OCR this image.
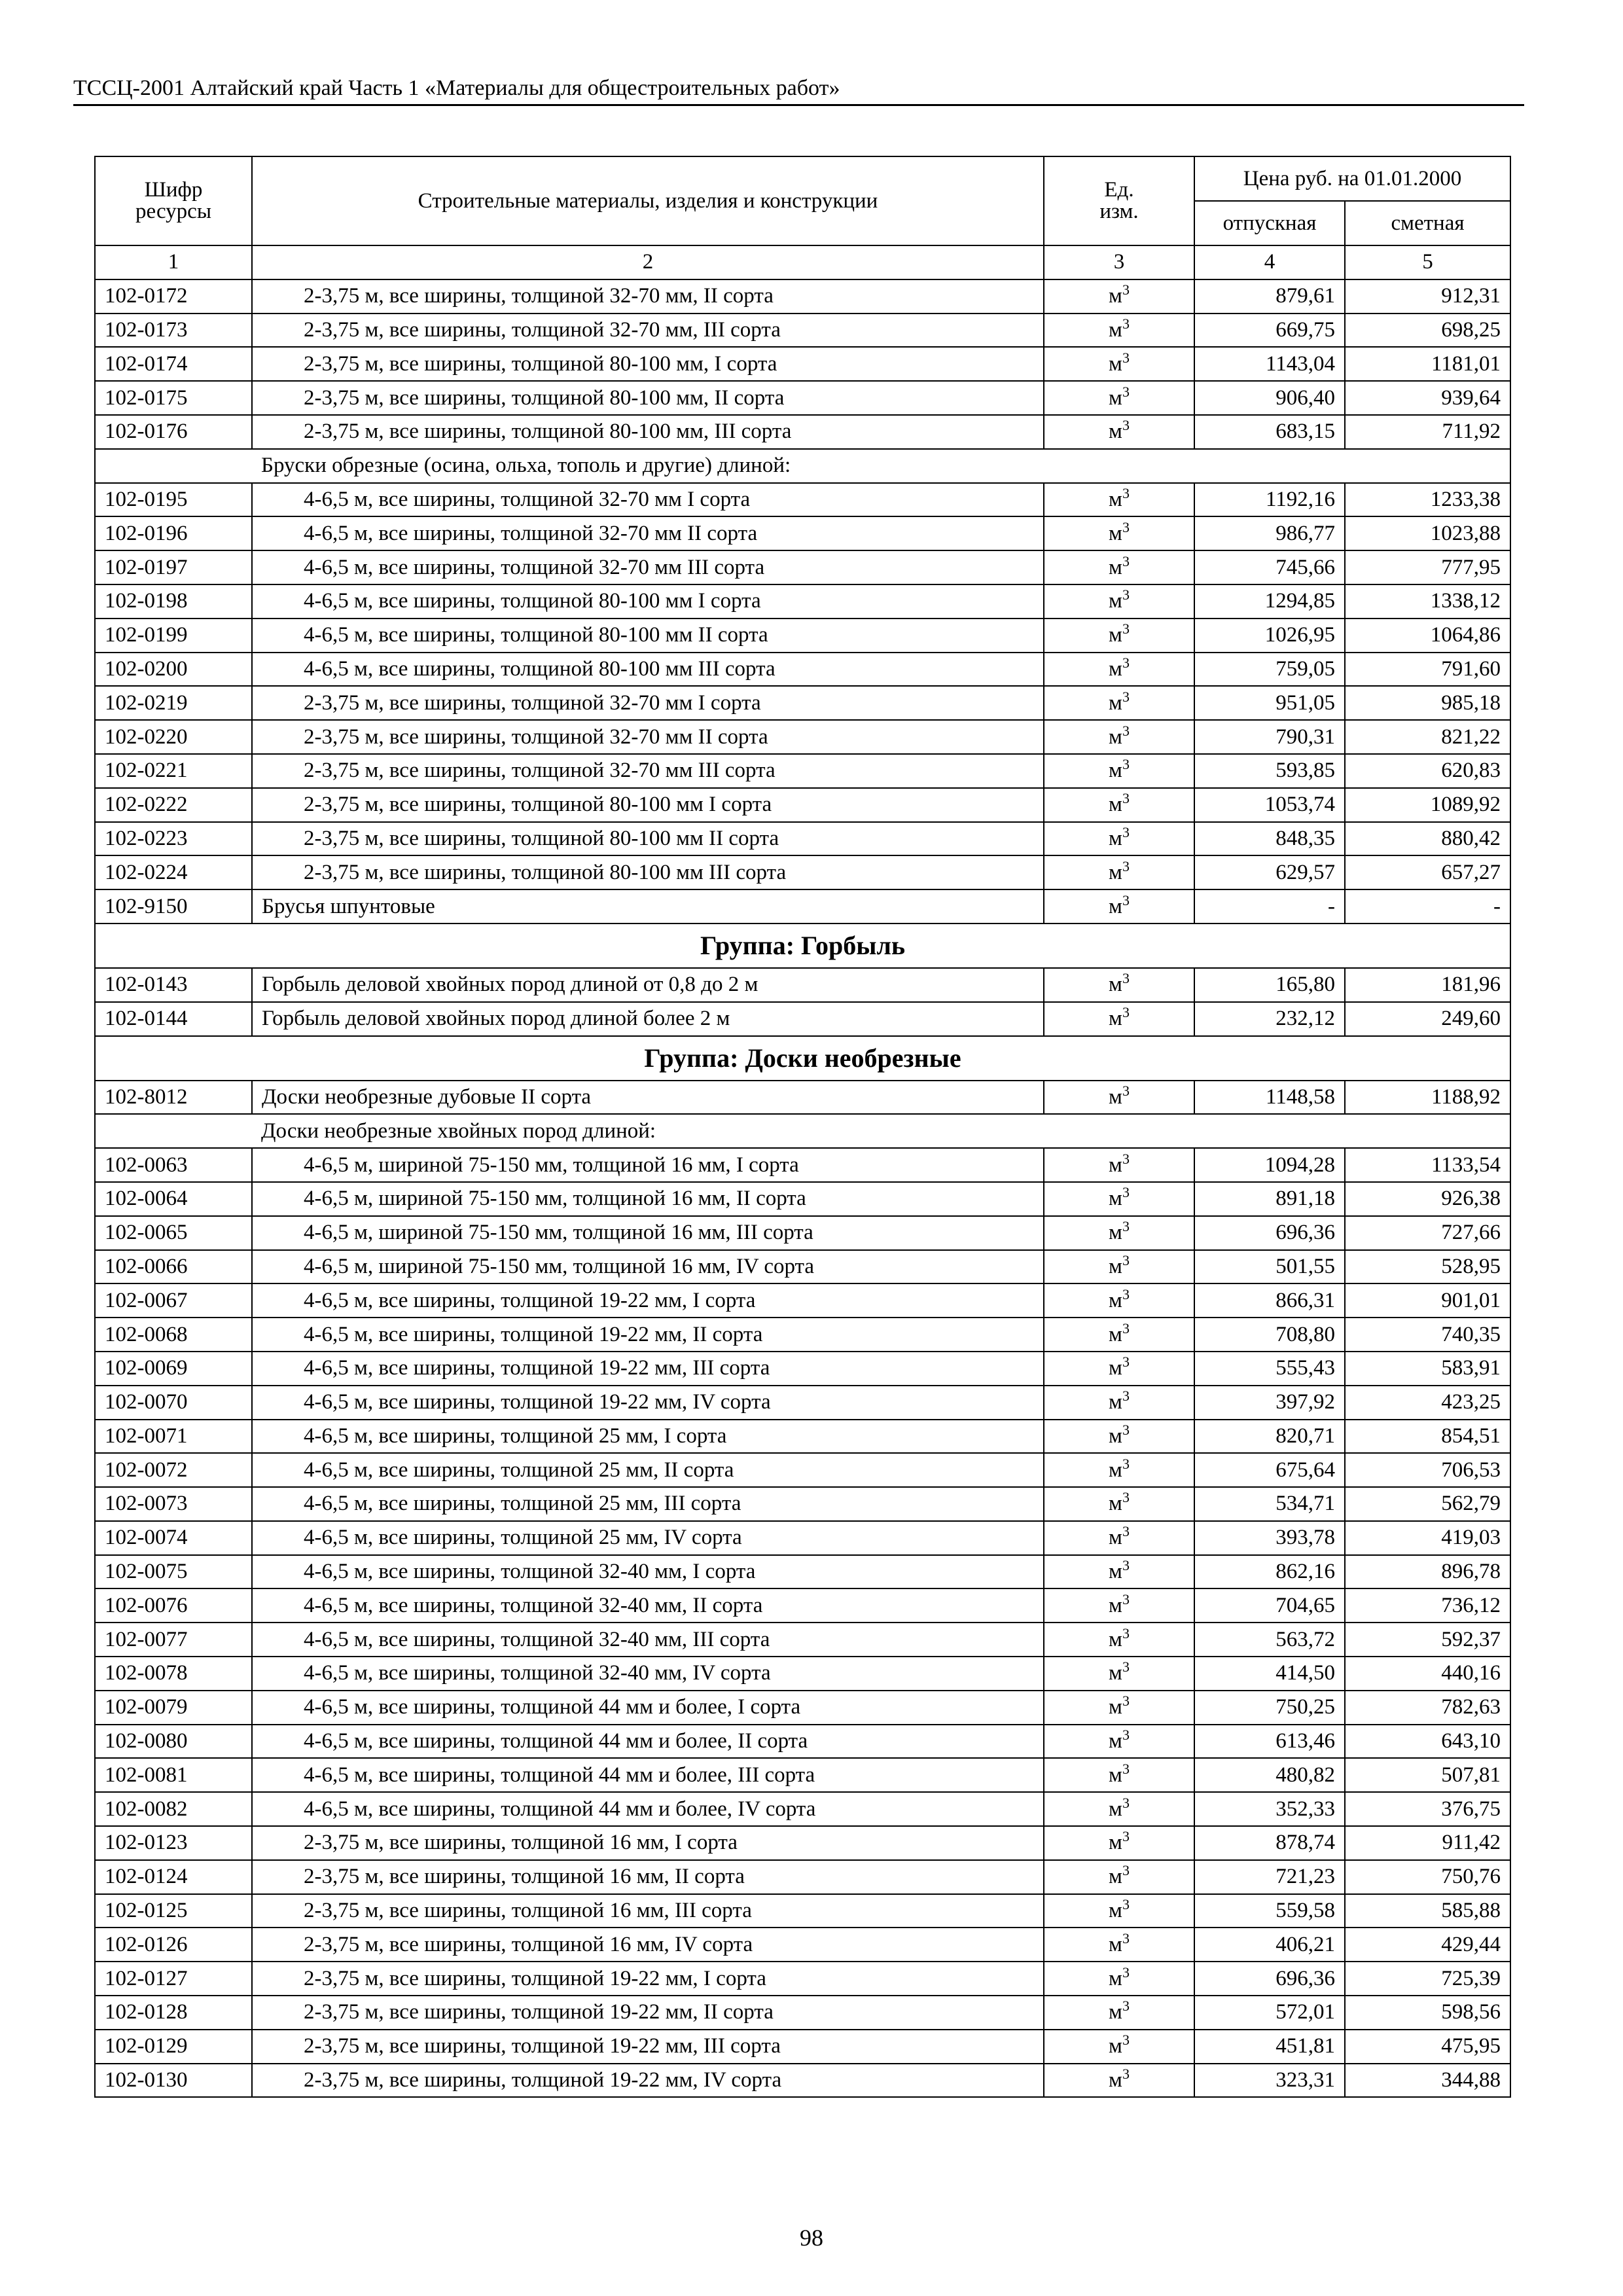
ТССЦ-2001 Алтайский край Часть 1 «Материалы для общестроительных работ»
Шифр ресурсы	Строительные материалы, изделия и конструкции	Ед. изм.	Цена руб. на 01.01.2000	
			отпускная	сметная
1	2	3	4	5
102-0172	2-3,75 м, все ширины, толщиной 32-70 мм, II сорта	$м^3$	879,61	912,31
102-0173	2-3,75 м, все ширины, толщиной 32-70 мм, III сорта	$м^3$	669,75	698,25
102-0174	2-3,75 м, все ширины, толщиной 80-100 мм, I сорта	$м^3$	1143,04	1181,01
102-0175	2-3,75 м, все ширины, толщиной 80-100 мм, II сорта	$м^3$	906,40	939,64
102-0176	2-3,75 м, все ширины, толщиной 80-100 мм, III сорта	$м^3$	683,15	711,92
	Бруски обрезные (осина, ольха, тополь и другие) длиной:			
102-0195	4-6,5 м, все ширины, толщиной 32-70 мм I сорта	$м^3$	1192,16	1233,38
102-0196	4-6,5 м, все ширины, толщиной 32-70 мм II сорта	$м^3$	986,77	1023,88
102-0197	4-6,5 м, все ширины, толщиной 32-70 мм III сорта	$м^3$	745,66	777,95
102-0198	4-6,5 м, все ширины, толщиной 80-100 мм I сорта	$м^3$	1294,85	1338,12
102-0199	4-6,5 м, все ширины, толщиной 80-100 мм II сорта	$м^3$	1026,95	1064,86
102-0200	4-6,5 м, все ширины, толщиной 80-100 мм III сорта	$м^3$	759,05	791,60
102-0219	2-3,75 м, все ширины, толщиной 32-70 мм I сорта	$м^3$	951,05	985,18
102-0220	2-3,75 м, все ширины, толщиной 32-70 мм II сорта	$м^3$	790,31	821,22
102-0221	2-3,75 м, все ширины, толщиной 32-70 мм III сорта	$м^3$	593,85	620,83
102-0222	2-3,75 м, все ширины, толщиной 80-100 мм I сорта	$м^3$	1053,74	1089,92
102-0223	2-3,75 м, все ширины, толщиной 80-100 мм II сорта	$м^3$	848,35	880,42
102-0224	2-3,75 м, все ширины, толщиной 80-100 мм III сорта	$м^3$	629,57	657,27
102-9150	Брусья шпунтовые	$м^3$	-	-
Группа: Горбыль				
102-0143	Горбыль деловой хвойных пород длиной от 0,8 до 2 м	$м^3$	165,80	181,96
102-0144	Горбыль деловой хвойных пород длиной более 2 м	$м^3$	232,12	249,60
Группа: Доски необрезные				
102-8012	Доски необрезные дубовые II сорта	$м^3$	1148,58	1188,92
	Доски необрезные хвойных пород длиной:			
102-0063	4-6,5 м, шириной 75-150 мм, толщиной 16 мм, I сорта	$м^3$	1094,28	1133,54
102-0064	4-6,5 м, шириной 75-150 мм, толщиной 16 мм, II сорта	$м^3$	891,18	926,38
102-0065	4-6,5 м, шириной 75-150 мм, толщиной 16 мм, III сорта	$м^3$	696,36	727,66
102-0066	4-6,5 м, шириной 75-150 мм, толщиной 16 мм, IV сорта	$м^3$	501,55	528,95
102-0067	4-6,5 м, все ширины, толщиной 19-22 мм, I сорта	$м^3$	866,31	901,01
102-0068	4-6,5 м, все ширины, толщиной 19-22 мм, II сорта	$м^3$	708,80	740,35
102-0069	4-6,5 м, все ширины, толщиной 19-22 мм, III сорта	$м^3$	555,43	583,91
102-0070	4-6,5 м, все ширины, толщиной 19-22 мм, IV сорта	$м^3$	397,92	423,25
102-0071	4-6,5 м, все ширины, толщиной 25 мм, I сорта	$м^3$	820,71	854,51
102-0072	4-6,5 м, все ширины, толщиной 25 мм, II сорта	$м^3$	675,64	706,53
102-0073	4-6,5 м, все ширины, толщиной 25 мм, III сорта	$м^3$	534,71	562,79
102-0074	4-6,5 м, все ширины, толщиной 25 мм, IV сорта	$м^3$	393,78	419,03
102-0075	4-6,5 м, все ширины, толщиной 32-40 мм, I сорта	$м^3$	862,16	896,78
102-0076	4-6,5 м, все ширины, толщиной 32-40 мм, II сорта	$м^3$	704,65	736,12
102-0077	4-6,5 м, все ширины, толщиной 32-40 мм, III сорта	$м^3$	563,72	592,37
102-0078	4-6,5 м, все ширины, толщиной 32-40 мм, IV сорта	$м^3$	414,50	440,16
102-0079	4-6,5 м, все ширины, толщиной 44 мм и более, I сорта	$м^3$	750,25	782,63
102-0080	4-6,5 м, все ширины, толщиной 44 мм и более, II сорта	$м^3$	613,46	643,10
102-0081	4-6,5 м, все ширины, толщиной 44 мм и более, III сорта	$м^3$	480,82	507,81
102-0082	4-6,5 м, все ширины, толщиной 44 мм и более, IV сорта	$м^3$	352,33	376,75
102-0123	2-3,75 м, все ширины, толщиной 16 мм, I сорта	$м^3$	878,74	911,42
102-0124	2-3,75 м, все ширины, толщиной 16 мм, II сорта	$м^3$	721,23	750,76
102-0125	2-3,75 м, все ширины, толщиной 16 мм, III сорта	$м^3$	559,58	585,88
102-0126	2-3,75 м, все ширины, толщиной 16 мм, IV сорта	$м^3$	406,21	429,44
102-0127	2-3,75 м, все ширины, толщиной 19-22 мм, I сорта	$м^3$	696,36	725,39
102-0128	2-3,75 м, все ширины, толщиной 19-22 мм, II сорта	$м^3$	572,01	598,56
102-0129	2-3,75 м, все ширины, толщиной 19-22 мм, III сорта	$м^3$	451,81	475,95
102-0130	2-3,75 м, все ширины, толщиной 19-22 мм, IV сорта	$м^3$	323,31	344,88
98
